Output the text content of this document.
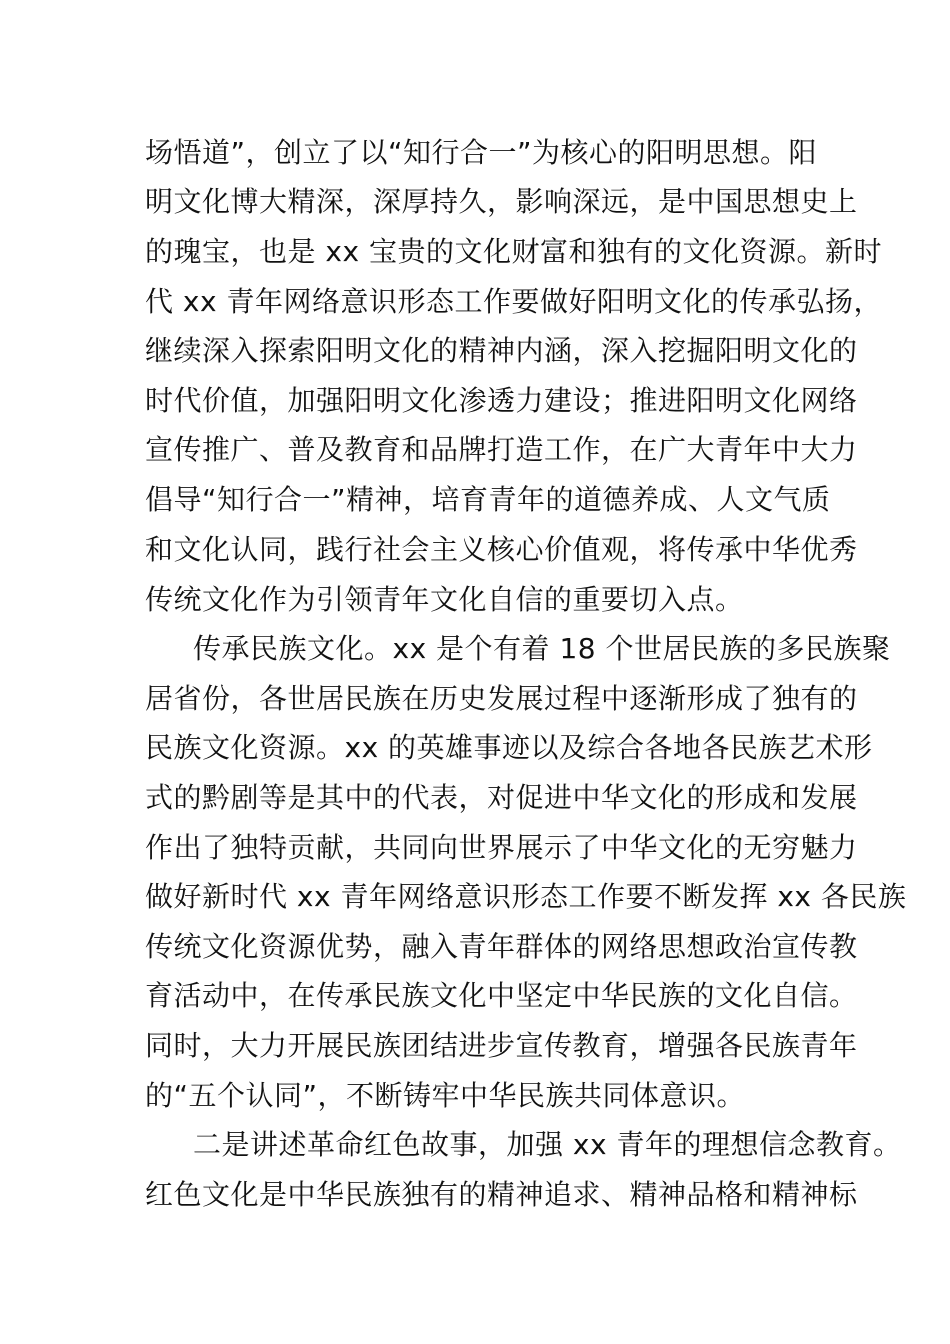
场悟道”，创立了以“知行合一”为核心的阳明思想。阳
明文化博大精深，深厚持久，影响深远，是中国思想史上
的瑰宝，也是 xx 宝贵的文化财富和独有的文化资源。新时
代 xx 青年网络意识形态工作要做好阳明文化的传承弘扬，
继续深入探索阳明文化的精神内涵，深入挖掘阳明文化的
时代价值，加强阳明文化渗透力建设；推进阳明文化网络
宣传推广、普及教育和品牌打造工作，在广大青年中大力
倡导“知行合一”精神，培育青年的道德养成、人文气质
和文化认同，践行社会主义核心价值观，将传承中华优秀
传统文化作为引领青年文化自信的重要切入点。
传承民族文化。xx 是个有着 18 个世居民族的多民族聚
居省份，各世居民族在历史发展过程中逐渐形成了独有的
民族文化资源。xx 的英雄事迹以及综合各地各民族艺术形
式的黔剧等是其中的代表，对促进中华文化的形成和发展
作出了独特贡献，共同向世界展示了中华文化的无穷魅力
做好新时代 xx 青年网络意识形态工作要不断发挥 xx 各民族
传统文化资源优势，融入青年群体的网络思想政治宣传教
育活动中，在传承民族文化中坚定中华民族的文化自信。
同时，大力开展民族团结进步宣传教育，增强各民族青年
的“五个认同”，不断铸牢中华民族共同体意识。
二是讲述革命红色故事，加强 xx 青年的理想信念教育。
红色文化是中华民族独有的精神追求、精神品格和精神标
